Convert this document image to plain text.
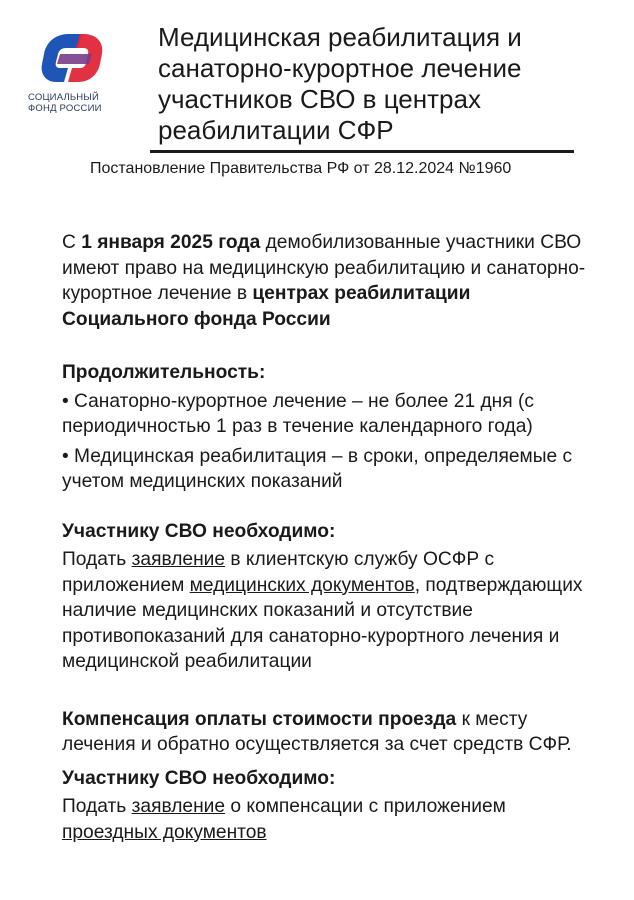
СОЦИАЛЬНЫЙ
ФОНД РОССИИ
Медицинская реабилитация и
санаторно-курортное лечение
участников СВО в центрах
реабилитации СФР
Постановление Правительства РФ от 28.12.2024 №1960

С 1 января 2025 года демобилизованные участники СВО имеют право на медицинскую реабилитацию и санаторно-курортное лечение в центрах реабилитации Социального фонда России

Продолжительность:

• Санаторно-курортное лечение – не более 21 дня (с периодичностью 1 раз в течение календарного года)

• Медицинская реабилитация – в сроки, определяемые с учетом медицинских показаний

Участнику СВО необходимо:

Подать заявление в клиентскую службу ОСФР с приложением медицинских документов, подтверждающих наличие медицинских показаний и отсутствие противопоказаний для санаторно-курортного лечения и медицинской реабилитации

Компенсация оплаты стоимости проезда к месту лечения и обратно осуществляется за счет средств СФР.

Участнику СВО необходимо:

Подать заявление о компенсации с приложением проездных документов
